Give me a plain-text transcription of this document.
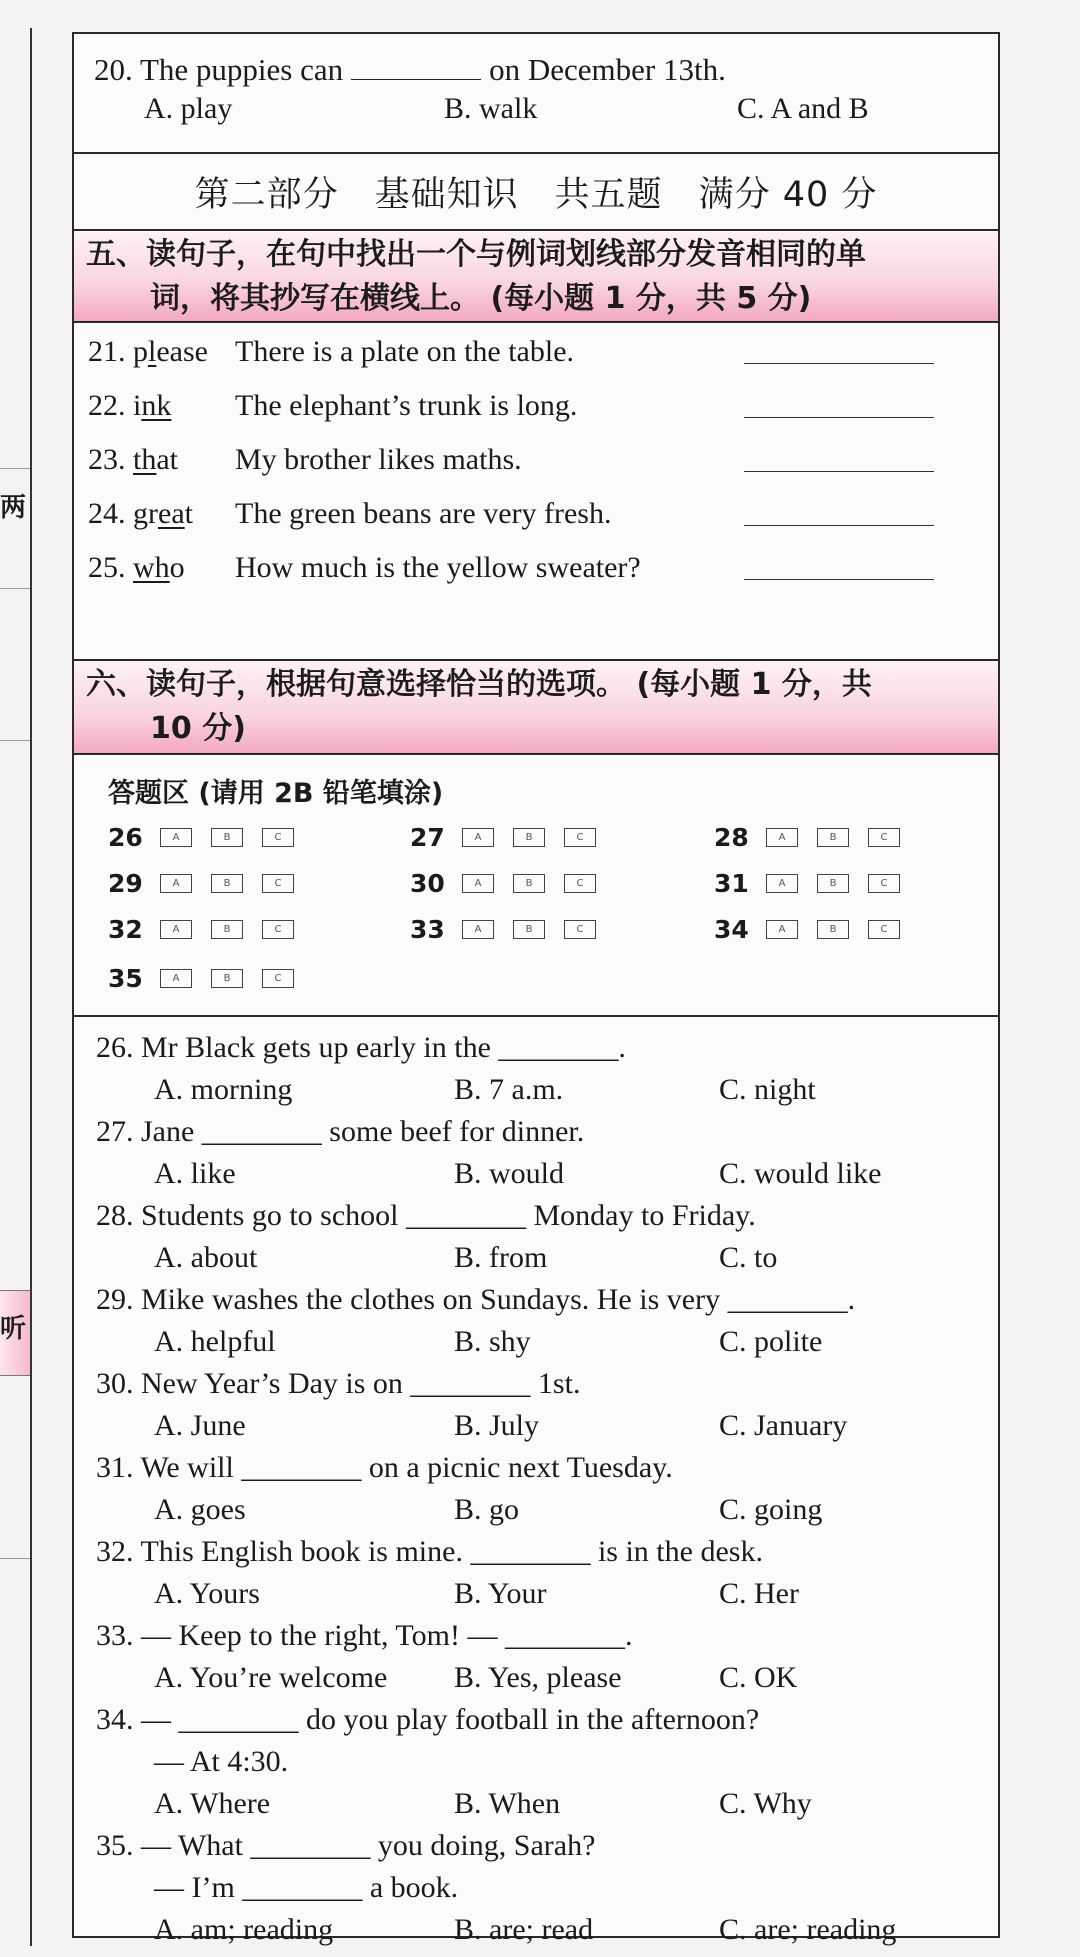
两
听
20. The puppies can	on December 13th.
A. play	B. walk	C. A and B
第二部分 基础知识 共五题 满分 40 分
五、读句子，在句中找出一个与例词划线部分发音相同的单
词，将其抄写在横线上。 (每小题 1 分，共 5 分)
21. please There is a plate on the table.
22. ink The elephant’s trunk is long.
23. that My brother likes maths.
24. great The green beans are very fresh.
25. who How much is the yellow sweater?
六、读句子，根据句意选择恰当的选项。 (每小题 1 分，共
10 分)
答题区 (请用 2B 铅笔填涂)
26	A	B	C	27	A	B	C	28	A	B	C
29	A	B	C	30	A	B	C	31	A	B	C
32	A	B	C	33	A	B	C	34	A	B	C
35	A	B	C
26. Mr Black gets up early in the ________.
A. morning	B. 7 a.m.	C. night
27. Jane ________ some beef for dinner.
A. like	B. would	C. would like
28. Students go to school ________ Monday to Friday.
A. about	B. from	C. to
29. Mike washes the clothes on Sundays. He is very ________.
A. helpful	B. shy	C. polite
30. New Year’s Day is on ________ 1st.
A. June	B. July	C. January
31. We will ________ on a picnic next Tuesday.
A. goes	B. go	C. going
32. This English book is mine. ________ is in the desk.
A. Yours	B. Your	C. Her
33. — Keep to the right, Tom! — ________.
A. You’re welcome B. Yes, please	C. OK
34. — ________ do you play football in the afternoon?
— At 4:30.
A. Where	B. When	C. Why
35. — What ________ you doing, Sarah?
— I’m ________ a book.
A. am; reading	B. are; read	C. are; reading
